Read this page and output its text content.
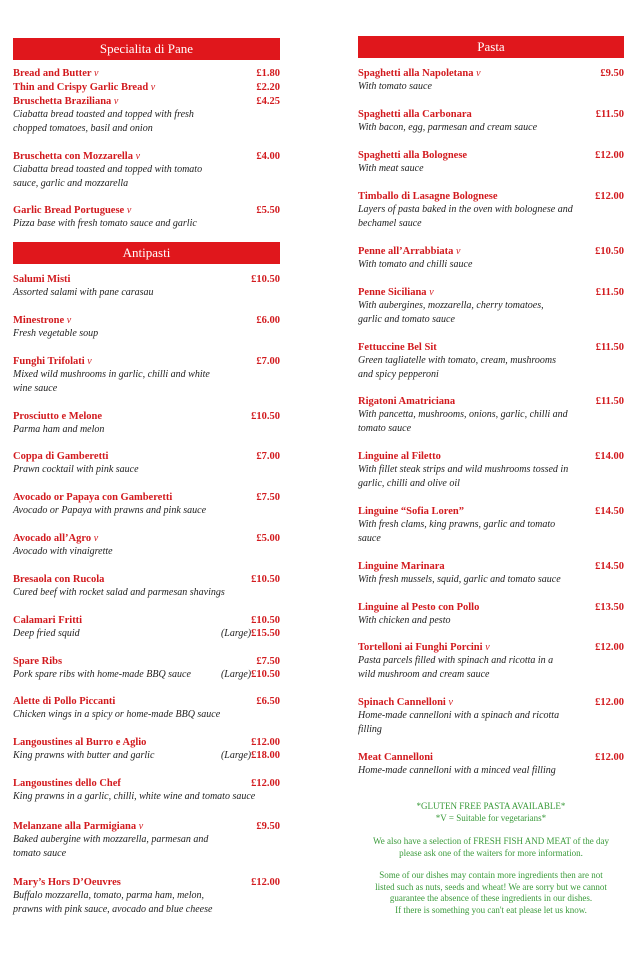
Specialita di Pane
Bread and Butter v	£1.80
Thin and Crispy Garlic Bread v	£2.20
Bruschetta Braziliana v	£4.25
Ciabatta bread toasted and topped with fresh
chopped tomatoes, basil and onion
Bruschetta con Mozzarella v	£4.00
Ciabatta bread toasted and topped with tomato
sauce, garlic and mozzarella
Garlic Bread Portuguese v	£5.50
Pizza base with fresh tomato sauce and garlic
Antipasti
Salumi Misti	£10.50
Assorted salami with pane carasau
Minestrone v	£6.00
Fresh vegetable soup
Funghi Trifolati v	£7.00
Mixed wild mushrooms in garlic, chilli and white
wine sauce
Prosciutto e Melone	£10.50
Parma ham and melon
Coppa di Gamberetti	£7.00
Prawn cocktail with pink sauce
Avocado or Papaya con Gamberetti	£7.50
Avocado or Papaya with prawns and pink sauce
Avocado all’Agro v	£5.00
Avocado with vinaigrette
Bresaola con Rucola	£10.50
Cured beef with rocket salad and parmesan shavings
Calamari Fritti	£10.50
Deep fried squid	(Large)£15.50
Spare Ribs	£7.50
Pork spare ribs with home-made BBQ sauce	(Large)£10.50
Alette di Pollo Piccanti	£6.50
Chicken wings in a spicy or home-made BBQ sauce
Langoustines al Burro e Aglio	£12.00
King prawns with butter and garlic	(Large)£18.00
Langoustines dello Chef	£12.00
King prawns in a garlic, chilli, white wine and tomato sauce
Melanzane alla Parmigiana v	£9.50
Baked aubergine with mozzarella, parmesan and
tomato sauce
Mary’s Hors D’Oeuvres	£12.00
Buffalo mozzarella, tomato, parma ham, melon,
prawns with pink sauce, avocado and blue cheese
Pasta
Spaghetti alla Napoletana v	£9.50
With tomato sauce
Spaghetti alla Carbonara	£11.50
With bacon, egg, parmesan and cream sauce
Spaghetti alla Bolognese	£12.00
With meat sauce
Timballo di Lasagne Bolognese	£12.00
Layers of pasta baked in the oven with bolognese and
bechamel sauce
Penne all’Arrabbiata v	£10.50
With tomato and chilli sauce
Penne Siciliana v	£11.50
With aubergines, mozzarella, cherry tomatoes,
garlic and tomato sauce
Fettuccine Bel Sit	£11.50
Green tagliatelle with tomato, cream, mushrooms
and spicy pepperoni
Rigatoni Amatriciana	£11.50
With pancetta, mushrooms, onions, garlic, chilli and
tomato sauce
Linguine al Filetto	£14.00
With fillet steak strips and wild mushrooms tossed in
garlic, chilli and olive oil
Linguine “Sofia Loren”	£14.50
With fresh clams, king prawns, garlic and tomato
sauce
Linguine Marinara	£14.50
With fresh mussels, squid, garlic and tomato sauce
Linguine al Pesto con Pollo	£13.50
With chicken and pesto
Tortelloni ai Funghi Porcini v	£12.00
Pasta parcels filled with spinach and ricotta in a
wild mushroom and cream sauce
Spinach Cannelloni v	£12.00
Home-made cannelloni with a spinach and ricotta
filling
Meat Cannelloni	£12.00
Home-made cannelloni with a minced veal filling

*GLUTEN FREE PASTA AVAILABLE*

*V = Suitable for vegetarians*

We also have a selection of FRESH FISH AND MEAT of the day
please ask one of the waiters for more information.

Some of our dishes may contain more ingredients then are not
listed such as nuts, seeds and wheat! We are sorry but we cannot
guarantee the absence of these ingredients in our dishes.
If there is something you can't eat please let us know.
